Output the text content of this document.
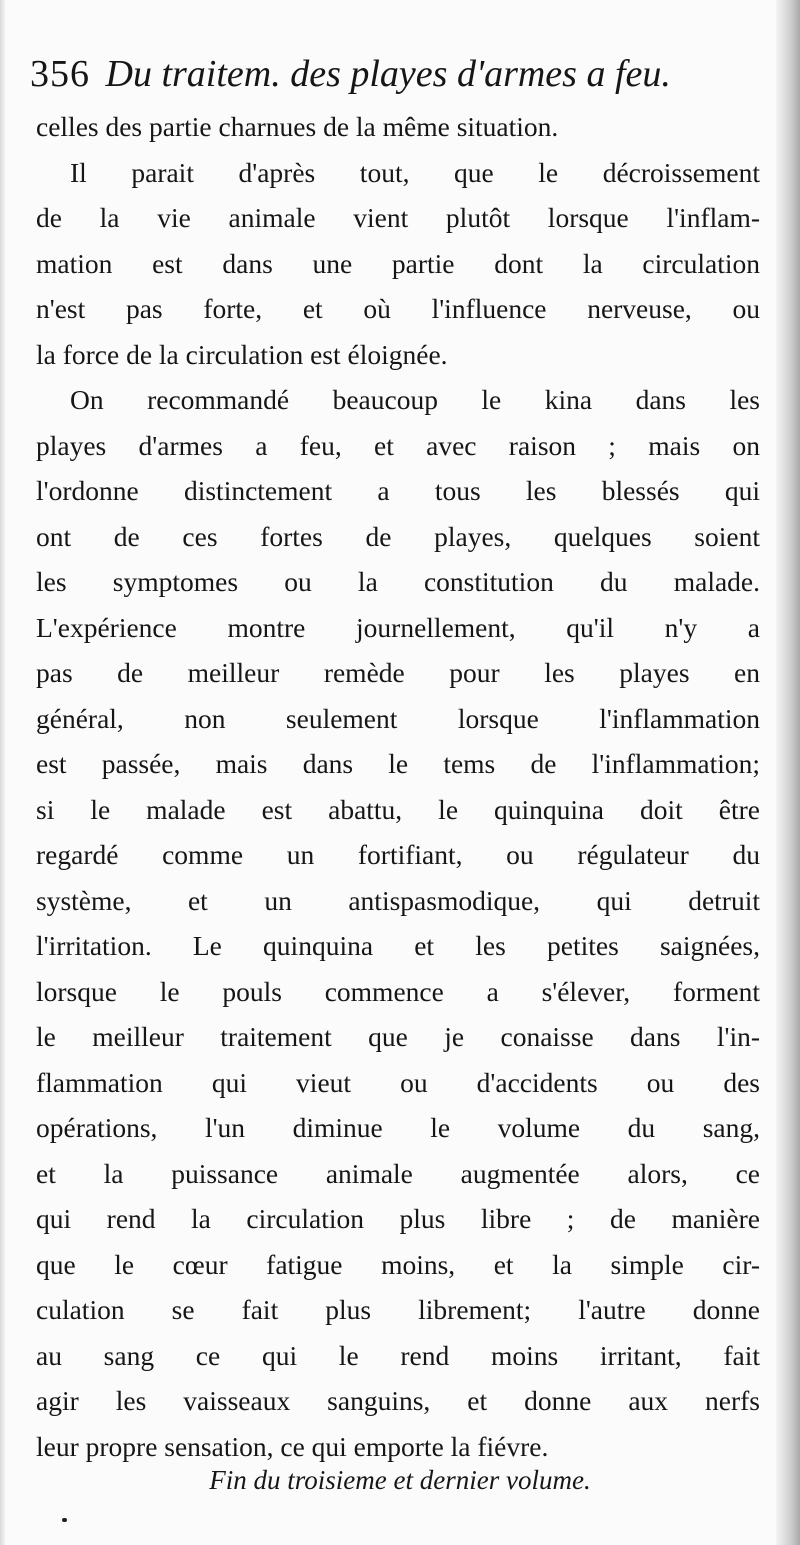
356 Du traitem. des playes d'armes a feu.
celles des partie charnues de la même situation.
Il parait d'après tout, que le décroissement
de la vie animale vient plutôt lorsque l'inflam-
mation est dans une partie dont la circulation
n'est pas forte, et où l'influence nerveuse, ou
la force de la circulation est éloignée.
On recommandé beaucoup le kina dans les
playes d'armes a feu, et avec raison ; mais on
l'ordonne distinctement a tous les blessés qui
ont de ces fortes de playes, quelques soient
les symptomes ou la constitution du malade.
L'expérience montre journellement, qu'il n'y a
pas de meilleur remède pour les playes en
général, non seulement lorsque l'inflammation
est passée, mais dans le tems de l'inflammation;
si le malade est abattu, le quinquina doit être
regardé comme un fortifiant, ou régulateur du
système, et un antispasmodique, qui detruit
l'irritation. Le quinquina et les petites saignées,
lorsque le pouls commence a s'élever, forment
le meilleur traitement que je conaisse dans l'in-
flammation qui vieut ou d'accidents ou des
opérations, l'un diminue le volume du sang,
et la puissance animale augmentée alors, ce
qui rend la circulation plus libre ; de manière
que le cœur fatigue moins, et la simple cir-
culation se fait plus librement; l'autre donne
au sang ce qui le rend moins irritant, fait
agir les vaisseaux sanguins, et donne aux nerfs
leur propre sensation, ce qui emporte la fiévre.
Fin du troisieme et dernier volume.
